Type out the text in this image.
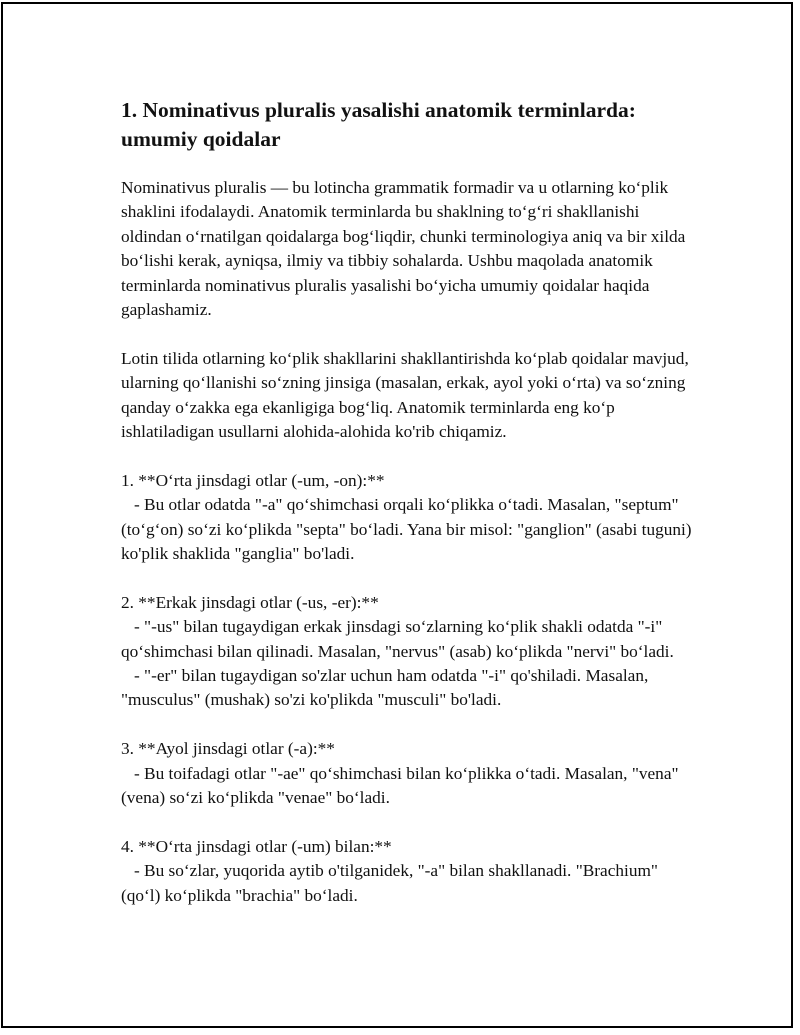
1. Nominativus pluralis yasalishi anatomik terminlarda: umumiy qoidalar

Nominativus pluralis — bu lotincha grammatik formadir va u otlarning ko‘plik shaklini ifodalaydi. Anatomik terminlarda bu shaklning to‘g‘ri shakllanishi oldindan o‘rnatilgan qoidalarga bog‘liqdir, chunki terminologiya aniq va bir xilda bo‘lishi kerak, ayniqsa, ilmiy va tibbiy sohalarda. Ushbu maqolada anatomik terminlarda nominativus pluralis yasalishi bo‘yicha umumiy qoidalar haqida gaplashamiz.

Lotin tilida otlarning ko‘plik shakllarini shakllantirishda ko‘plab qoidalar mavjud, ularning qo‘llanishi so‘zning jinsiga (masalan, erkak, ayol yoki o‘rta) va so‘zning qanday o‘zakka ega ekanligiga bog‘liq. Anatomik terminlarda eng ko‘p ishlatiladigan usullarni alohida-alohida ko'rib chiqamiz.

1. **O‘rta jinsdagi otlar (-um, -on):**
- Bu otlar odatda "-a" qo‘shimchasi orqali ko‘plikka o‘tadi. Masalan, "septum" (to‘g‘on) so‘zi ko‘plikda "septa" bo‘ladi. Yana bir misol: "ganglion" (asabi tuguni) ko'plik shaklida "ganglia" bo'ladi.

2. **Erkak jinsdagi otlar (-us, -er):**
- "-us" bilan tugaydigan erkak jinsdagi so‘zlarning ko‘plik shakli odatda "-i" qo‘shimchasi bilan qilinadi. Masalan, "nervus" (asab) ko‘plikda "nervi" bo‘ladi.
- "-er" bilan tugaydigan so'zlar uchun ham odatda "-i" qo'shiladi. Masalan, "musculus" (mushak) so'zi ko'plikda "musculi" bo'ladi.

3. **Ayol jinsdagi otlar (-a):**
- Bu toifadagi otlar "-ae" qo‘shimchasi bilan ko‘plikka o‘tadi. Masalan, "vena" (vena) so‘zi ko‘plikda "venae" bo‘ladi.

4. **O‘rta jinsdagi otlar (-um) bilan:**
- Bu so‘zlar, yuqorida aytib o'tilganidek, "-a" bilan shakllanadi. "Brachium" (qo‘l) ko‘plikda "brachia" bo‘ladi.
